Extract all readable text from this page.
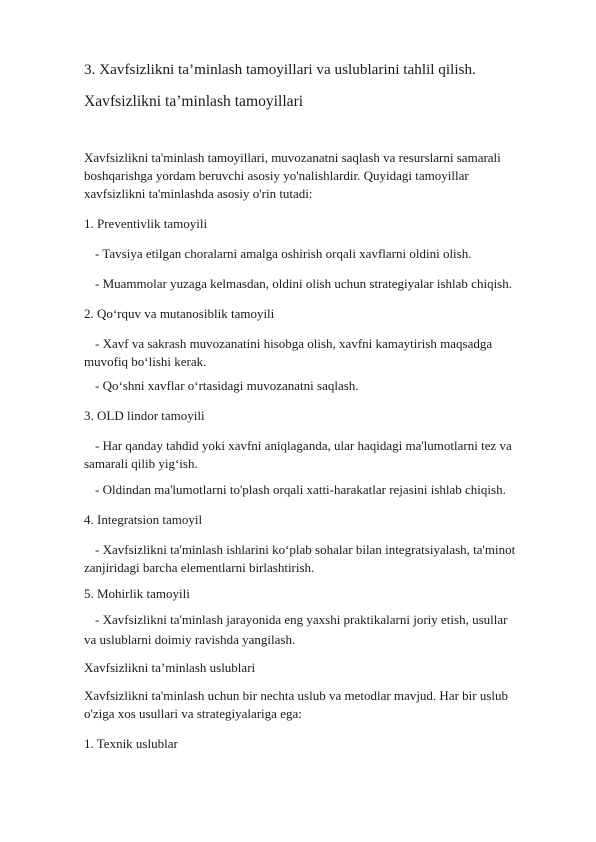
3. Xavfsizlikni ta’minlash tamoyillari va uslublarini tahlil qilish.
Xavfsizlikni ta’minlash tamoyillari
Xavfsizlikni ta'minlash tamoyillari, muvozanatni saqlash va resurslarni samarali
boshqarishga yordam beruvchi asosiy yo'nalishlardir. Quyidagi tamoyillar
xavfsizlikni ta'minlashda asosiy o'rin tutadi:
1. Preventivlik tamoyili
- Tavsiya etilgan choralarni amalga oshirish orqali xavflarni oldini olish.
- Muammolar yuzaga kelmasdan, oldini olish uchun strategiyalar ishlab chiqish.
2. Qo‘rquv va mutanosiblik tamoyili
- Xavf va sakrash muvozanatini hisobga olish, xavfni kamaytirish maqsadga
muvofiq bo‘lishi kerak.
- Qo‘shni xavflar o‘rtasidagi muvozanatni saqlash.
3. OLD lindor tamoyili
- Har qanday tahdid yoki xavfni aniqlaganda, ular haqidagi ma'lumotlarni tez va
samarali qilib yig‘ish.
- Oldindan ma'lumotlarni to'plash orqali xatti-harakatlar rejasini ishlab chiqish.
4. Integratsion tamoyil
- Xavfsizlikni ta'minlash ishlarini ko‘plab sohalar bilan integratsiyalash, ta'minot
zanjiridagi barcha elementlarni birlashtirish.
5. Mohirlik tamoyili
- Xavfsizlikni ta'minlash jarayonida eng yaxshi praktikalarni joriy etish, usullar
va uslublarni doimiy ravishda yangilash.
Xavfsizlikni ta’minlash uslublari
Xavfsizlikni ta'minlash uchun bir nechta uslub va metodlar mavjud. Har bir uslub
o'ziga xos usullari va strategiyalariga ega:
1. Texnik uslublar
